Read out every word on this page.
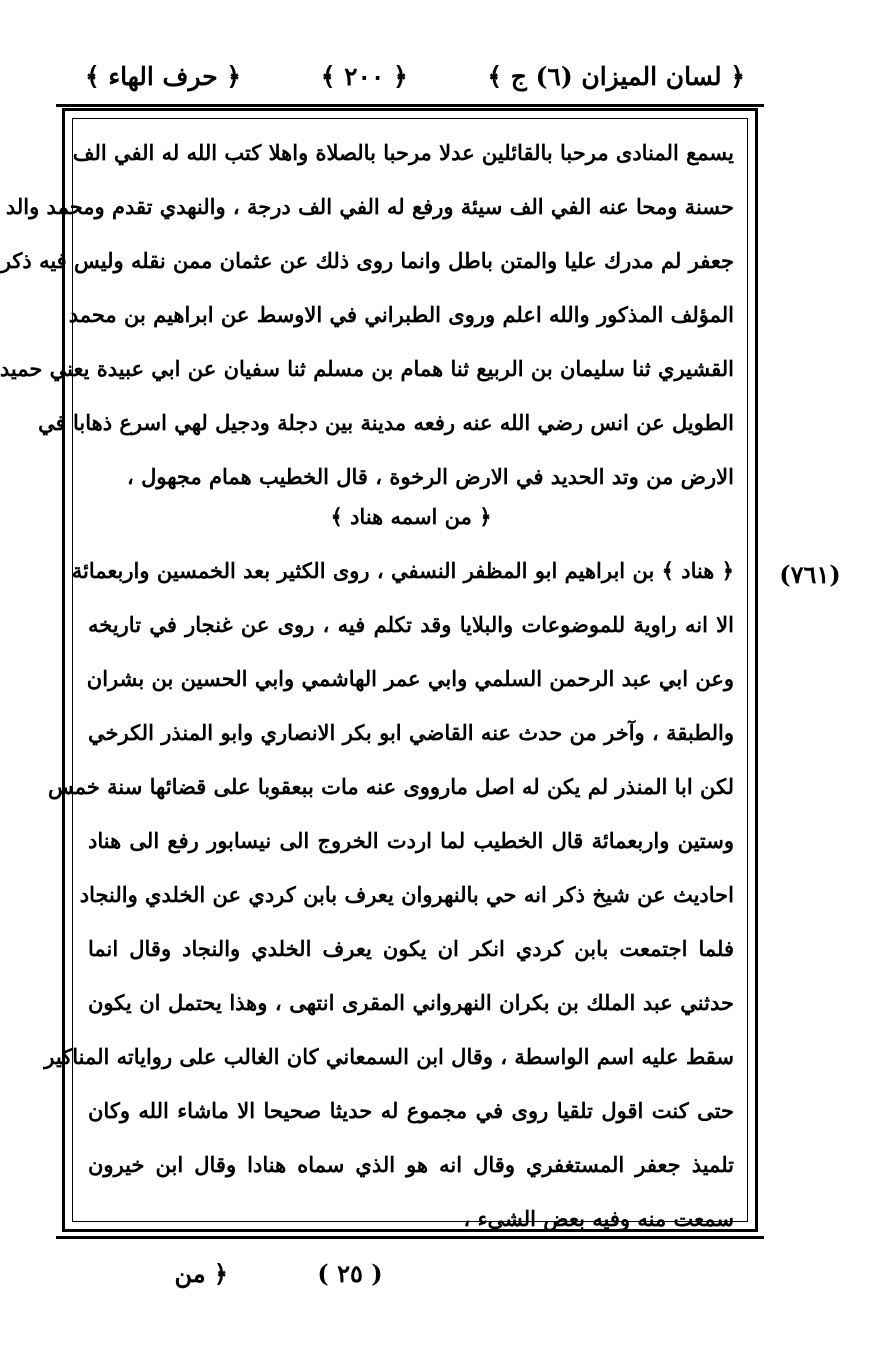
﴿ لسان الميزان (٦) ج ﴾
﴿ ٢٠٠ ﴾
﴿ حرف الهاء ﴾
يسمع المنادى مرحبا بالقائلين عدلا مرحبا بالصلاة واهلا كتب الله له الفي الف
حسنة ومحا عنه الفي الف سيئة ورفع له الفي الف درجة ، والنهدي تقدم ومحمد والد
جعفر لم مدرك عليا والمتن باطل وانما روى ذلك عن عثمان ممن نقله وليس فيه ذكر
المؤلف المذكور والله اعلم وروى الطبراني في الاوسط عن ابراهيم بن محمد
القشيري ثنا سليمان بن الربيع ثنا همام بن مسلم ثنا سفيان عن ابي عبيدة يعني حميد
الطويل عن انس رضي الله عنه رفعه مدينة بين دجلة ودجيل لهي اسرع ذهابا في
الارض من وتد الحديد في الارض الرخوة ، قال الخطيب همام مجهول ،
﴿ من اسمه هناد ﴾
(٧٦١)
﴿ هناد ﴾ بن ابراهيم ابو المظفر النسفي ، روى الكثير بعد الخمسين واربعمائة
الا انه راوية للموضوعات والبلايا وقد تكلم فيه ، روى عن غنجار في تاريخه
وعن ابي عبد الرحمن السلمي وابي عمر الهاشمي وابي الحسين بن بشران
والطبقة ، وآخر من حدث عنه القاضي ابو بكر الانصاري وابو المنذر الكرخي
لكن ابا المنذر لم يكن له اصل مارووى عنه مات ببعقوبا على قضائها سنة خمس
وستين واربعمائة قال الخطيب لما اردت الخروج الى نيسابور رفع الى هناد
احاديث عن شيخ ذكر انه حي بالنهروان يعرف بابن كردي عن الخلدي والنجاد
فلما اجتمعت بابن كردي انكر ان يكون يعرف الخلدي والنجاد وقال انما
حدثني عبد الملك بن بكران النهرواني المقرى انتهى ، وهذا يحتمل ان يكون
سقط عليه اسم الواسطة ، وقال ابن السمعاني كان الغالب على رواياته المناكير
حتى كنت اقول تلقيا روى في مجموع له حديثا صحيحا الا ماشاء الله وكان
تلميذ جعفر المستغفري وقال انه هو الذي سماه هنادا وقال ابن خيرون
سمعت منه وفيه بعض الشيء ،
( ٢٥ )
﴿ من
